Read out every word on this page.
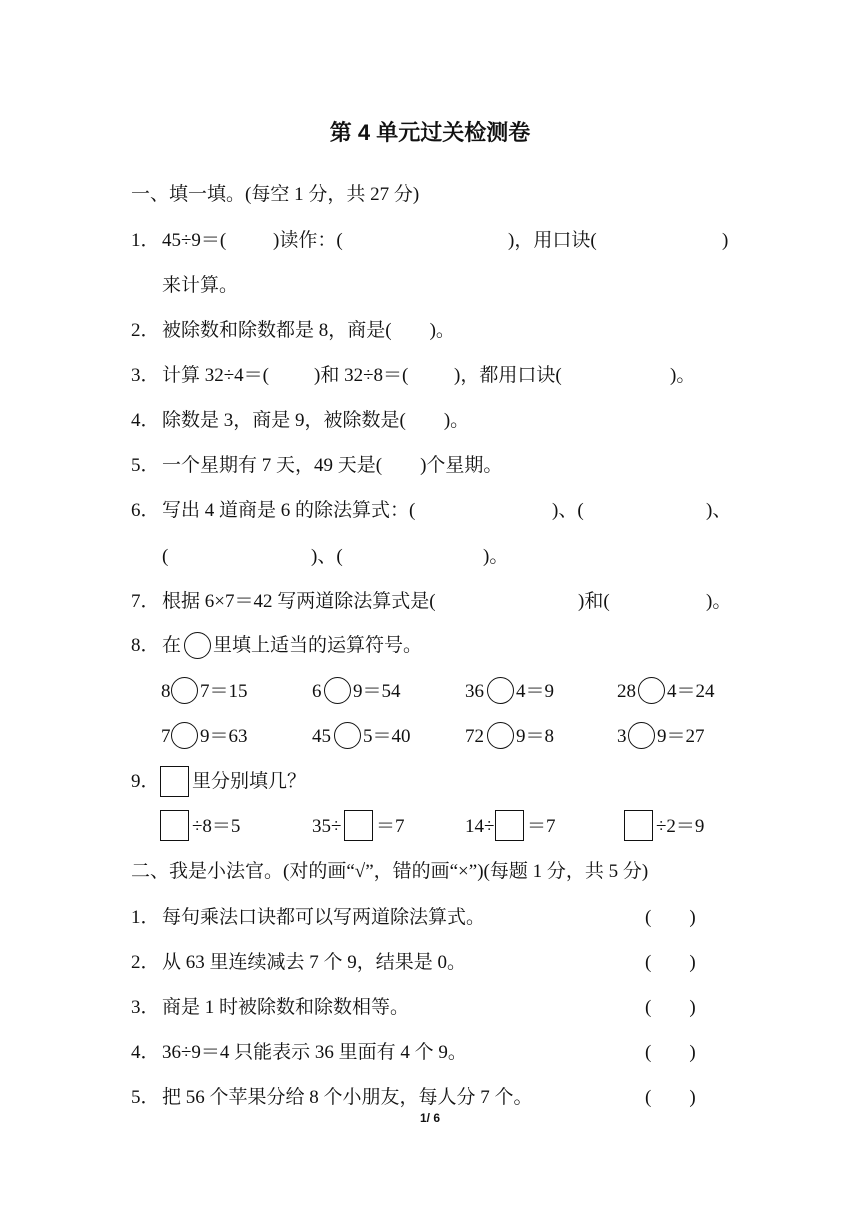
第 4 单元过关检测卷
一、填一填。(每空 1 分，共 27 分)
1． 45÷9＝( )读作：(	)，用口诀(	)
来计算。
2． 被除数和除数都是 8，商是(　　)。
3． 计算 32÷4＝( )和 32÷8＝( )，都用口诀(	)。
4． 除数是 3，商是 9，被除数是(　　)。
5． 一个星期有 7 天，49 天是(　　)个星期。
6． 写出 4 道商是 6 的除法算式：(	)、(	)、
(	)、(	)。
7． 根据 6×7＝42 写两道除法算式是(	)和(	)。
8． 在 里填上适当的运算符号。
8 7＝15	6 9＝54	36 4＝9	28 4＝24
7 9＝63	45 5＝40	72 9＝8	3 9＝27
9． 里分别填几？
÷8＝5	35÷ ＝7	14÷ ＝7	÷2＝9
二、我是小法官。(对的画“√”，错的画“×”)(每题 1 分，共 5 分)
1． 每句乘法口诀都可以写两道除法算式。	(　　)
2． 从 63 里连续减去 7 个 9，结果是 0。	(　　)
3． 商是 1 时被除数和除数相等。	(　　)
4． 36÷9＝4 只能表示 36 里面有 4 个 9。	(　　)
5． 把 56 个苹果分给 8 个小朋友，每人分 7 个。	(　　)
1/ 6
